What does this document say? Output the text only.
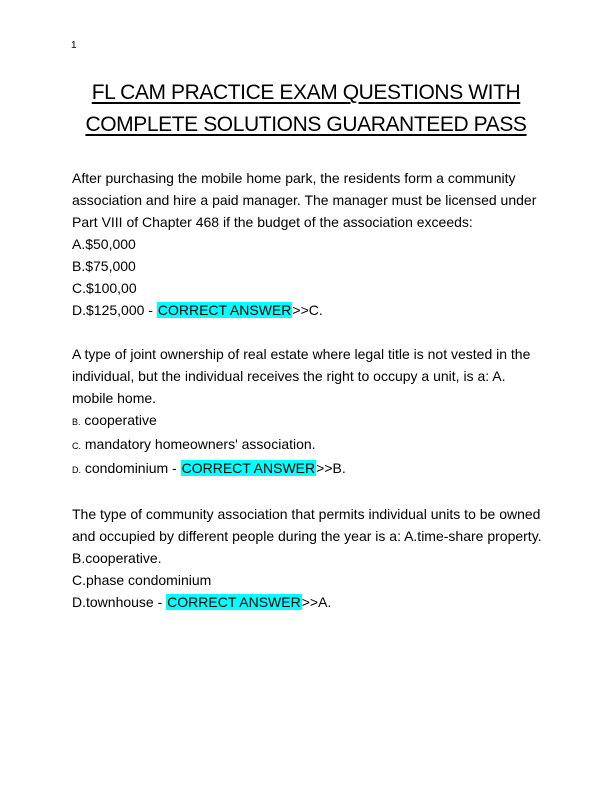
1
FL CAM PRACTICE EXAM QUESTIONS WITH
COMPLETE SOLUTIONS GUARANTEED PASS
After purchasing the mobile home park, the residents form a community association and hire a paid manager. The manager must be licensed under Part VIII of Chapter 468 if the budget of the association exceeds:
A.$50,000
B.$75,000
C.$100,00
D.$125,000 - CORRECT ANSWER>>C.
A type of joint ownership of real estate where legal title is not vested in the individual, but the individual receives the right to occupy a unit, is a: A. mobile home.
B. cooperative
C. mandatory homeowners' association.
D. condominium - CORRECT ANSWER>>B.
The type of community association that permits individual units to be owned and occupied by different people during the year is a: A.time-share property.
B.cooperative.
C.phase condominium
D.townhouse - CORRECT ANSWER>>A.
